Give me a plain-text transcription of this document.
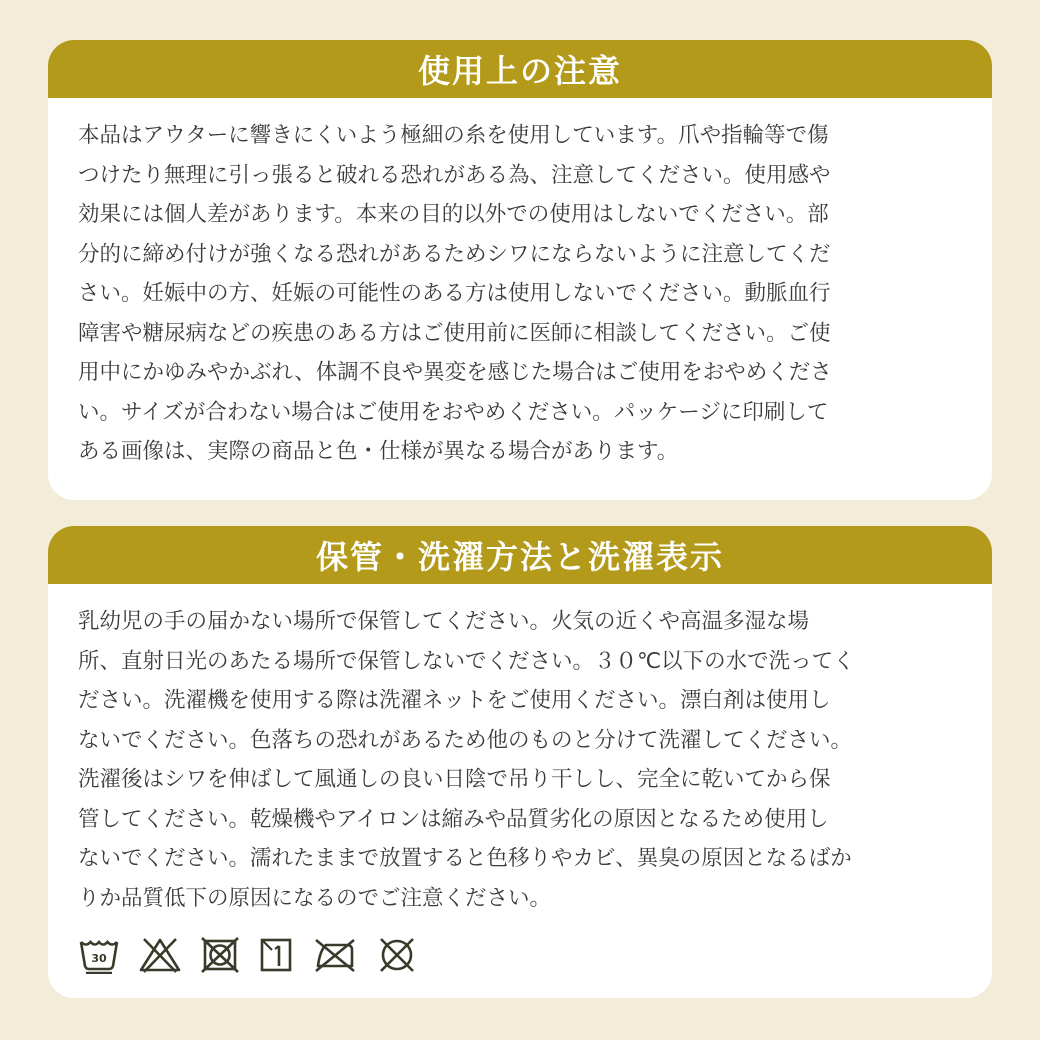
使用上の注意
本品はアウターに響きにくいよう極細の糸を使用しています。爪や指輪等で傷
つけたり無理に引っ張ると破れる恐れがある為、注意してください。使用感や
効果には個人差があります。本来の目的以外での使用はしないでください。部
分的に締め付けが強くなる恐れがあるためシワにならないように注意してくだ
さい。妊娠中の方、妊娠の可能性のある方は使用しないでください。動脈血行
障害や糖尿病などの疾患のある方はご使用前に医師に相談してください。ご使
用中にかゆみやかぶれ、体調不良や異変を感じた場合はご使用をおやめくださ
い。サイズが合わない場合はご使用をおやめください。パッケージに印刷して
ある画像は、実際の商品と色・仕様が異なる場合があります。
保管・洗濯方法と洗濯表示
乳幼児の手の届かない場所で保管してください。火気の近くや高温多湿な場
所、直射日光のあたる場所で保管しないでください。３０℃以下の水で洗ってく
ださい。洗濯機を使用する際は洗濯ネットをご使用ください。漂白剤は使用し
ないでください。色落ちの恐れがあるため他のものと分けて洗濯してください。
洗濯後はシワを伸ばして風通しの良い日陰で吊り干しし、完全に乾いてから保
管してください。乾燥機やアイロンは縮みや品質劣化の原因となるため使用し
ないでください。濡れたままで放置すると色移りやカビ、異臭の原因となるばか
りか品質低下の原因になるのでご注意ください。
30
